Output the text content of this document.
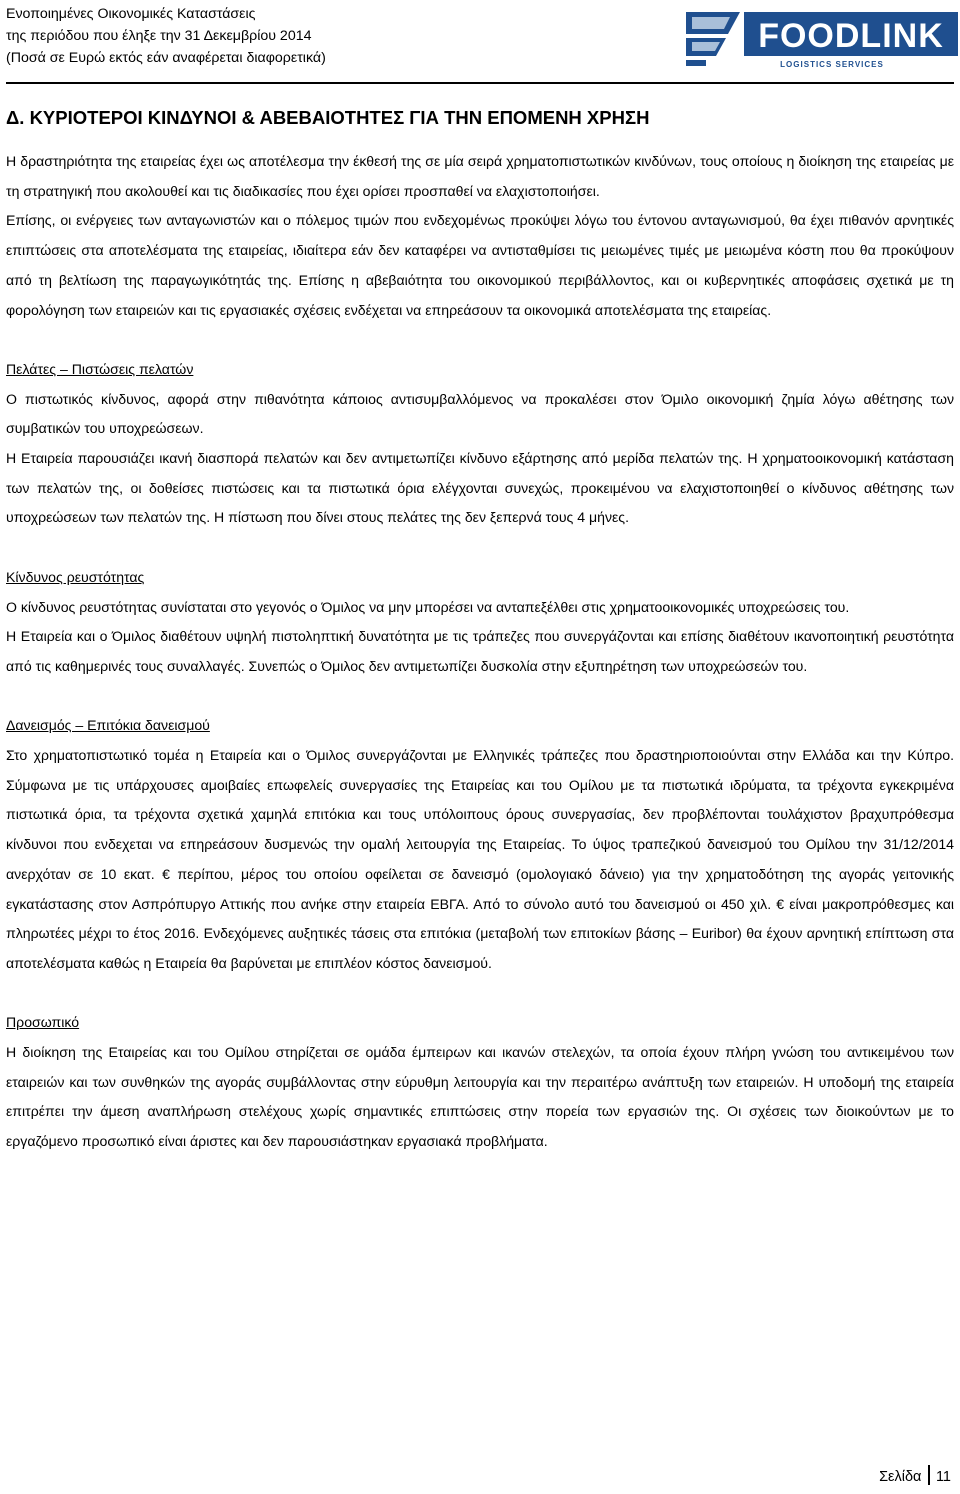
Ενοποιημένες Οικονομικές Καταστάσεις
της περιόδου που έληξε την 31 Δεκεμβρίου 2014
(Ποσά σε Ευρώ εκτός εάν αναφέρεται διαφορετικά)
FOODLINK
LOGISTICS SERVICES
Δ. ΚΥΡΙΟΤΕΡΟΙ ΚΙΝΔΥΝΟΙ & ΑΒΕΒΑΙΟΤΗΤΕΣ ΓΙΑ ΤΗΝ ΕΠΟΜΕΝΗ ΧΡΗΣΗ

Η δραστηριότητα της εταιρείας έχει ως αποτέλεσμα την έκθεσή της σε μία σειρά χρηματοπιστωτικών κινδύνων, τους οποίους η διοίκηση της εταιρείας με τη στρατηγική που ακολουθεί και τις διαδικασίες που έχει ορίσει προσπαθεί να ελαχιστοποιήσει.

Επίσης, οι ενέργειες των ανταγωνιστών και ο πόλεμος τιμών που ενδεχομένως προκύψει λόγω του έντονου ανταγωνισμού, θα έχει πιθανόν αρνητικές επιπτώσεις στα αποτελέσματα της εταιρείας, ιδιαίτερα εάν δεν καταφέρει να αντισταθμίσει τις μειωμένες τιμές με μειωμένα κόστη που θα προκύψουν από τη βελτίωση της παραγωγικότητάς της. Επίσης η αβεβαιότητα του οικονομικού περιβάλλοντος, και οι κυβερνητικές αποφάσεις σχετικά με τη φορολόγηση των εταιρειών και τις εργασιακές σχέσεις ενδέχεται να επηρεάσουν τα οικονομικά αποτελέσματα της εταιρείας.

Πελάτες – Πιστώσεις πελατών

Ο πιστωτικός κίνδυνος, αφορά στην πιθανότητα κάποιος αντισυμβαλλόμενος να προκαλέσει στον Όμιλο οικονομική ζημία λόγω αθέτησης των συμβατικών του υποχρεώσεων.

Η Εταιρεία παρουσιάζει ικανή διασπορά πελατών και δεν αντιμετωπίζει κίνδυνο εξάρτησης από μερίδα πελατών της. Η χρηματοοικονομική κατάσταση των πελατών της, οι δοθείσες πιστώσεις και τα πιστωτικά όρια ελέγχονται συνεχώς, προκειμένου να ελαχιστοποιηθεί ο κίνδυνος αθέτησης των υποχρεώσεων των πελατών της. Η πίστωση που δίνει στους πελάτες της δεν ξεπερνά τους 4 μήνες.

Κίνδυνος ρευστότητας

Ο κίνδυνος ρευστότητας συνίσταται στο γεγονός ο Όμιλος να μην μπορέσει να ανταπεξέλθει στις χρηματοοικονομικές υποχρεώσεις του.

Η Εταιρεία και ο Όμιλος διαθέτουν υψηλή πιστοληπτική δυνατότητα με τις τράπεζες που συνεργάζονται και επίσης διαθέτουν ικανοποιητική ρευστότητα από τις καθημερινές τους συναλλαγές. Συνεπώς ο Όμιλος δεν αντιμετωπίζει δυσκολία στην εξυπηρέτηση των υποχρεώσεών του.

Δανεισμός – Επιτόκια δανεισμού

Στο χρηματοπιστωτικό τομέα η Εταιρεία και ο Όμιλος συνεργάζονται με Ελληνικές τράπεζες που δραστηριοποιούνται στην Ελλάδα και την Κύπρο. Σύμφωνα με τις υπάρχουσες αμοιβαίες επωφελείς συνεργασίες της Εταιρείας και του Ομίλου με τα πιστωτικά ιδρύματα, τα τρέχοντα εγκεκριμένα πιστωτικά όρια, τα τρέχοντα σχετικά χαμηλά επιτόκια και τους υπόλοιπους όρους συνεργασίας, δεν προβλέπονται τουλάχιστον βραχυπρόθεσμα κίνδυνοι που ενδεχεται να επηρεάσουν δυσμενώς την ομαλή λειτουργία της Εταιρείας. Το ύψος τραπεζικού δανεισμού του Ομίλου την 31/12/2014 ανερχόταν σε 10 εκατ. € περίπου, μέρος του οποίου οφείλεται σε δανεισμό (ομολογιακό δάνειο) για την χρηματοδότηση της αγοράς γειτονικής εγκατάστασης στον Ασπρόπυργο Αττικής που ανήκε στην εταιρεία ΕΒΓΑ. Από το σύνολο αυτό του δανεισμού οι 450 χιλ. € είναι μακροπρόθεσμες και πληρωτέες μέχρι το έτος 2016. Ενδεχόμενες αυξητικές τάσεις στα επιτόκια (μεταβολή των επιτοκίων βάσης – Euribor) θα έχουν αρνητική επίπτωση στα αποτελέσματα καθώς η Εταιρεία θα βαρύνεται με επιπλέον κόστος δανεισμού.

Προσωπικό

Η διοίκηση της Εταιρείας και του Ομίλου στηρίζεται σε ομάδα έμπειρων και ικανών στελεχών, τα οποία έχουν πλήρη γνώση του αντικειμένου των εταιρειών και των συνθηκών της αγοράς συμβάλλοντας στην εύρυθμη λειτουργία και την περαιτέρω ανάπτυξη των εταιρειών. Η υποδομή της εταιρεία επιτρέπει την άμεση αναπλήρωση στελέχους χωρίς σημαντικές επιπτώσεις στην πορεία των εργασιών της. Οι σχέσεις των διοικούντων με το εργαζόμενο προσωπικό είναι άριστες και δεν παρουσιάστηκαν εργασιακά προβλήματα.

Σελίδα 11
